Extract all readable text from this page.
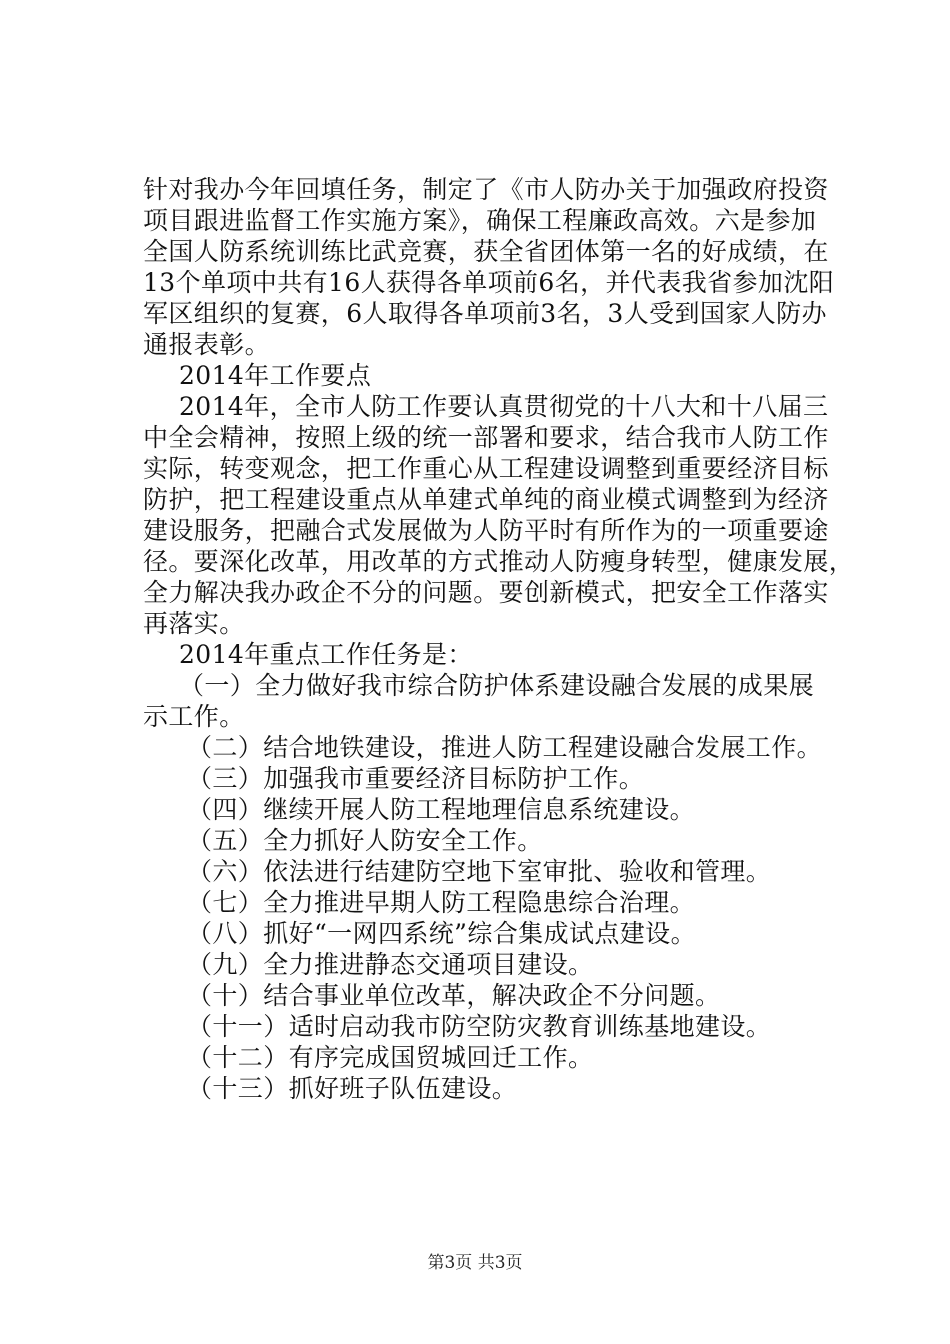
针对我办今年回填任务，制定了《市人防办关于加强政府投资
项目跟进监督工作实施方案》，确保工程廉政高效。六是参加
全国人防系统训练比武竞赛，获全省团体第一名的好成绩，在
13个单项中共有16人获得各单项前6名，并代表我省参加沈阳
军区组织的复赛，6人取得各单项前3名，3人受到国家人防办
通报表彰。
2014年工作要点
2014年，全市人防工作要认真贯彻党的十八大和十八届三
中全会精神，按照上级的统一部署和要求，结合我市人防工作
实际，转变观念，把工作重心从工程建设调整到重要经济目标
防护，把工程建设重点从单建式单纯的商业模式调整到为经济
建设服务，把融合式发展做为人防平时有所作为的一项重要途
径。要深化改革，用改革的方式推动人防瘦身转型，健康发展，
全力解决我办政企不分的问题。要创新模式，把安全工作落实
再落实。
2014年重点工作任务是：
（一）全力做好我市综合防护体系建设融合发展的成果展
示工作。
（二）结合地铁建设，推进人防工程建设融合发展工作。
（三）加强我市重要经济目标防护工作。
（四）继续开展人防工程地理信息系统建设。
（五）全力抓好人防安全工作。
（六）依法进行结建防空地下室审批、验收和管理。
（七）全力推进早期人防工程隐患综合治理。
（八）抓好“一网四系统”综合集成试点建设。
（九）全力推进静态交通项目建设。
（十）结合事业单位改革，解决政企不分问题。
（十一）适时启动我市防空防灾教育训练基地建设。
（十二）有序完成国贸城回迁工作。
（十三）抓好班子队伍建设。
第3页 共3页
